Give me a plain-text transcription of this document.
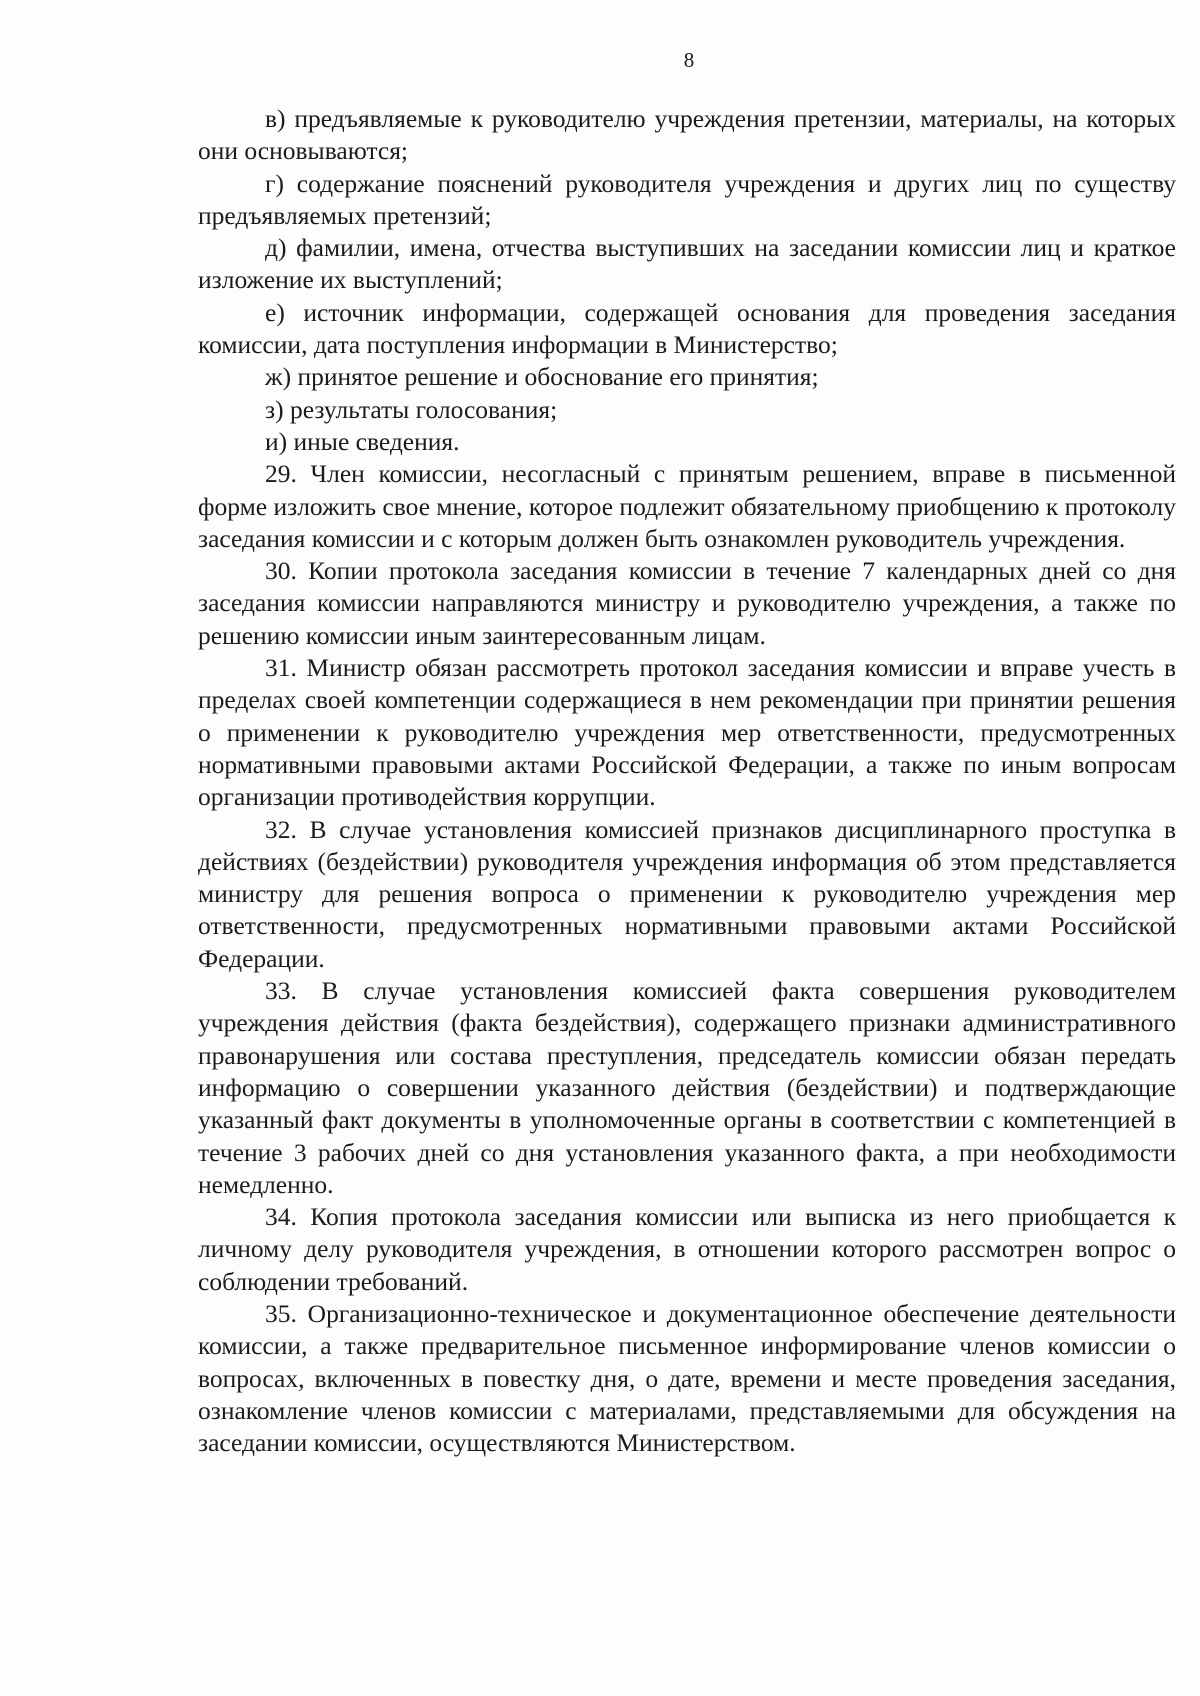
8

в) предъявляемые к руководителю учреждения претензии, материалы, на которых они основываются;

г) содержание пояснений руководителя учреждения и других лиц по существу предъявляемых претензий;

д) фамилии, имена, отчества выступивших на заседании комиссии лиц и краткое изложение их выступлений;

е) источник информации, содержащей основания для проведения заседания комиссии, дата поступления информации в Министерство;

ж) принятое решение и обоснование его принятия;

з) результаты голосования;

и) иные сведения.

29. Член комиссии, несогласный с принятым решением, вправе в письменной форме изложить свое мнение, которое подлежит обязательному приобщению к протоколу заседания комиссии и с которым должен быть ознакомлен руководитель учреждения.

30. Копии протокола заседания комиссии в течение 7 календарных дней со дня заседания комиссии направляются министру и руководителю учреждения, а также по решению комиссии иным заинтересованным лицам.

31. Министр обязан рассмотреть протокол заседания комиссии и вправе учесть в пределах своей компетенции содержащиеся в нем рекомендации при принятии решения о применении к руководителю учреждения мер ответственности, предусмотренных нормативными правовыми актами Российской Федерации, а также по иным вопросам организации противодействия коррупции.

32. В случае установления комиссией признаков дисциплинарного проступка в действиях (бездействии) руководителя учреждения информация об этом представляется министру для решения вопроса о применении к руководителю учреждения мер ответственности, предусмотренных нормативными правовыми актами Российской Федерации.

33. В случае установления комиссией факта совершения руководителем учреждения действия (факта бездействия), содержащего признаки административного правонарушения или состава преступления, председатель комиссии обязан передать информацию о совершении указанного действия (бездействии) и подтверждающие указанный факт документы в уполномоченные органы в соответствии с компетенцией в течение 3 рабочих дней со дня установления указанного факта, а при необходимости немедленно.

34. Копия протокола заседания комиссии или выписка из него приобщается к личному делу руководителя учреждения, в отношении которого рассмотрен вопрос о соблюдении требований.

35. Организационно-техническое и документационное обеспечение деятельности комиссии, а также предварительное письменное информирование членов комиссии о вопросах, включенных в повестку дня, о дате, времени и месте проведения заседания, ознакомление членов комиссии с материалами, представляемыми для обсуждения на заседании комиссии, осуществляются Министерством.
